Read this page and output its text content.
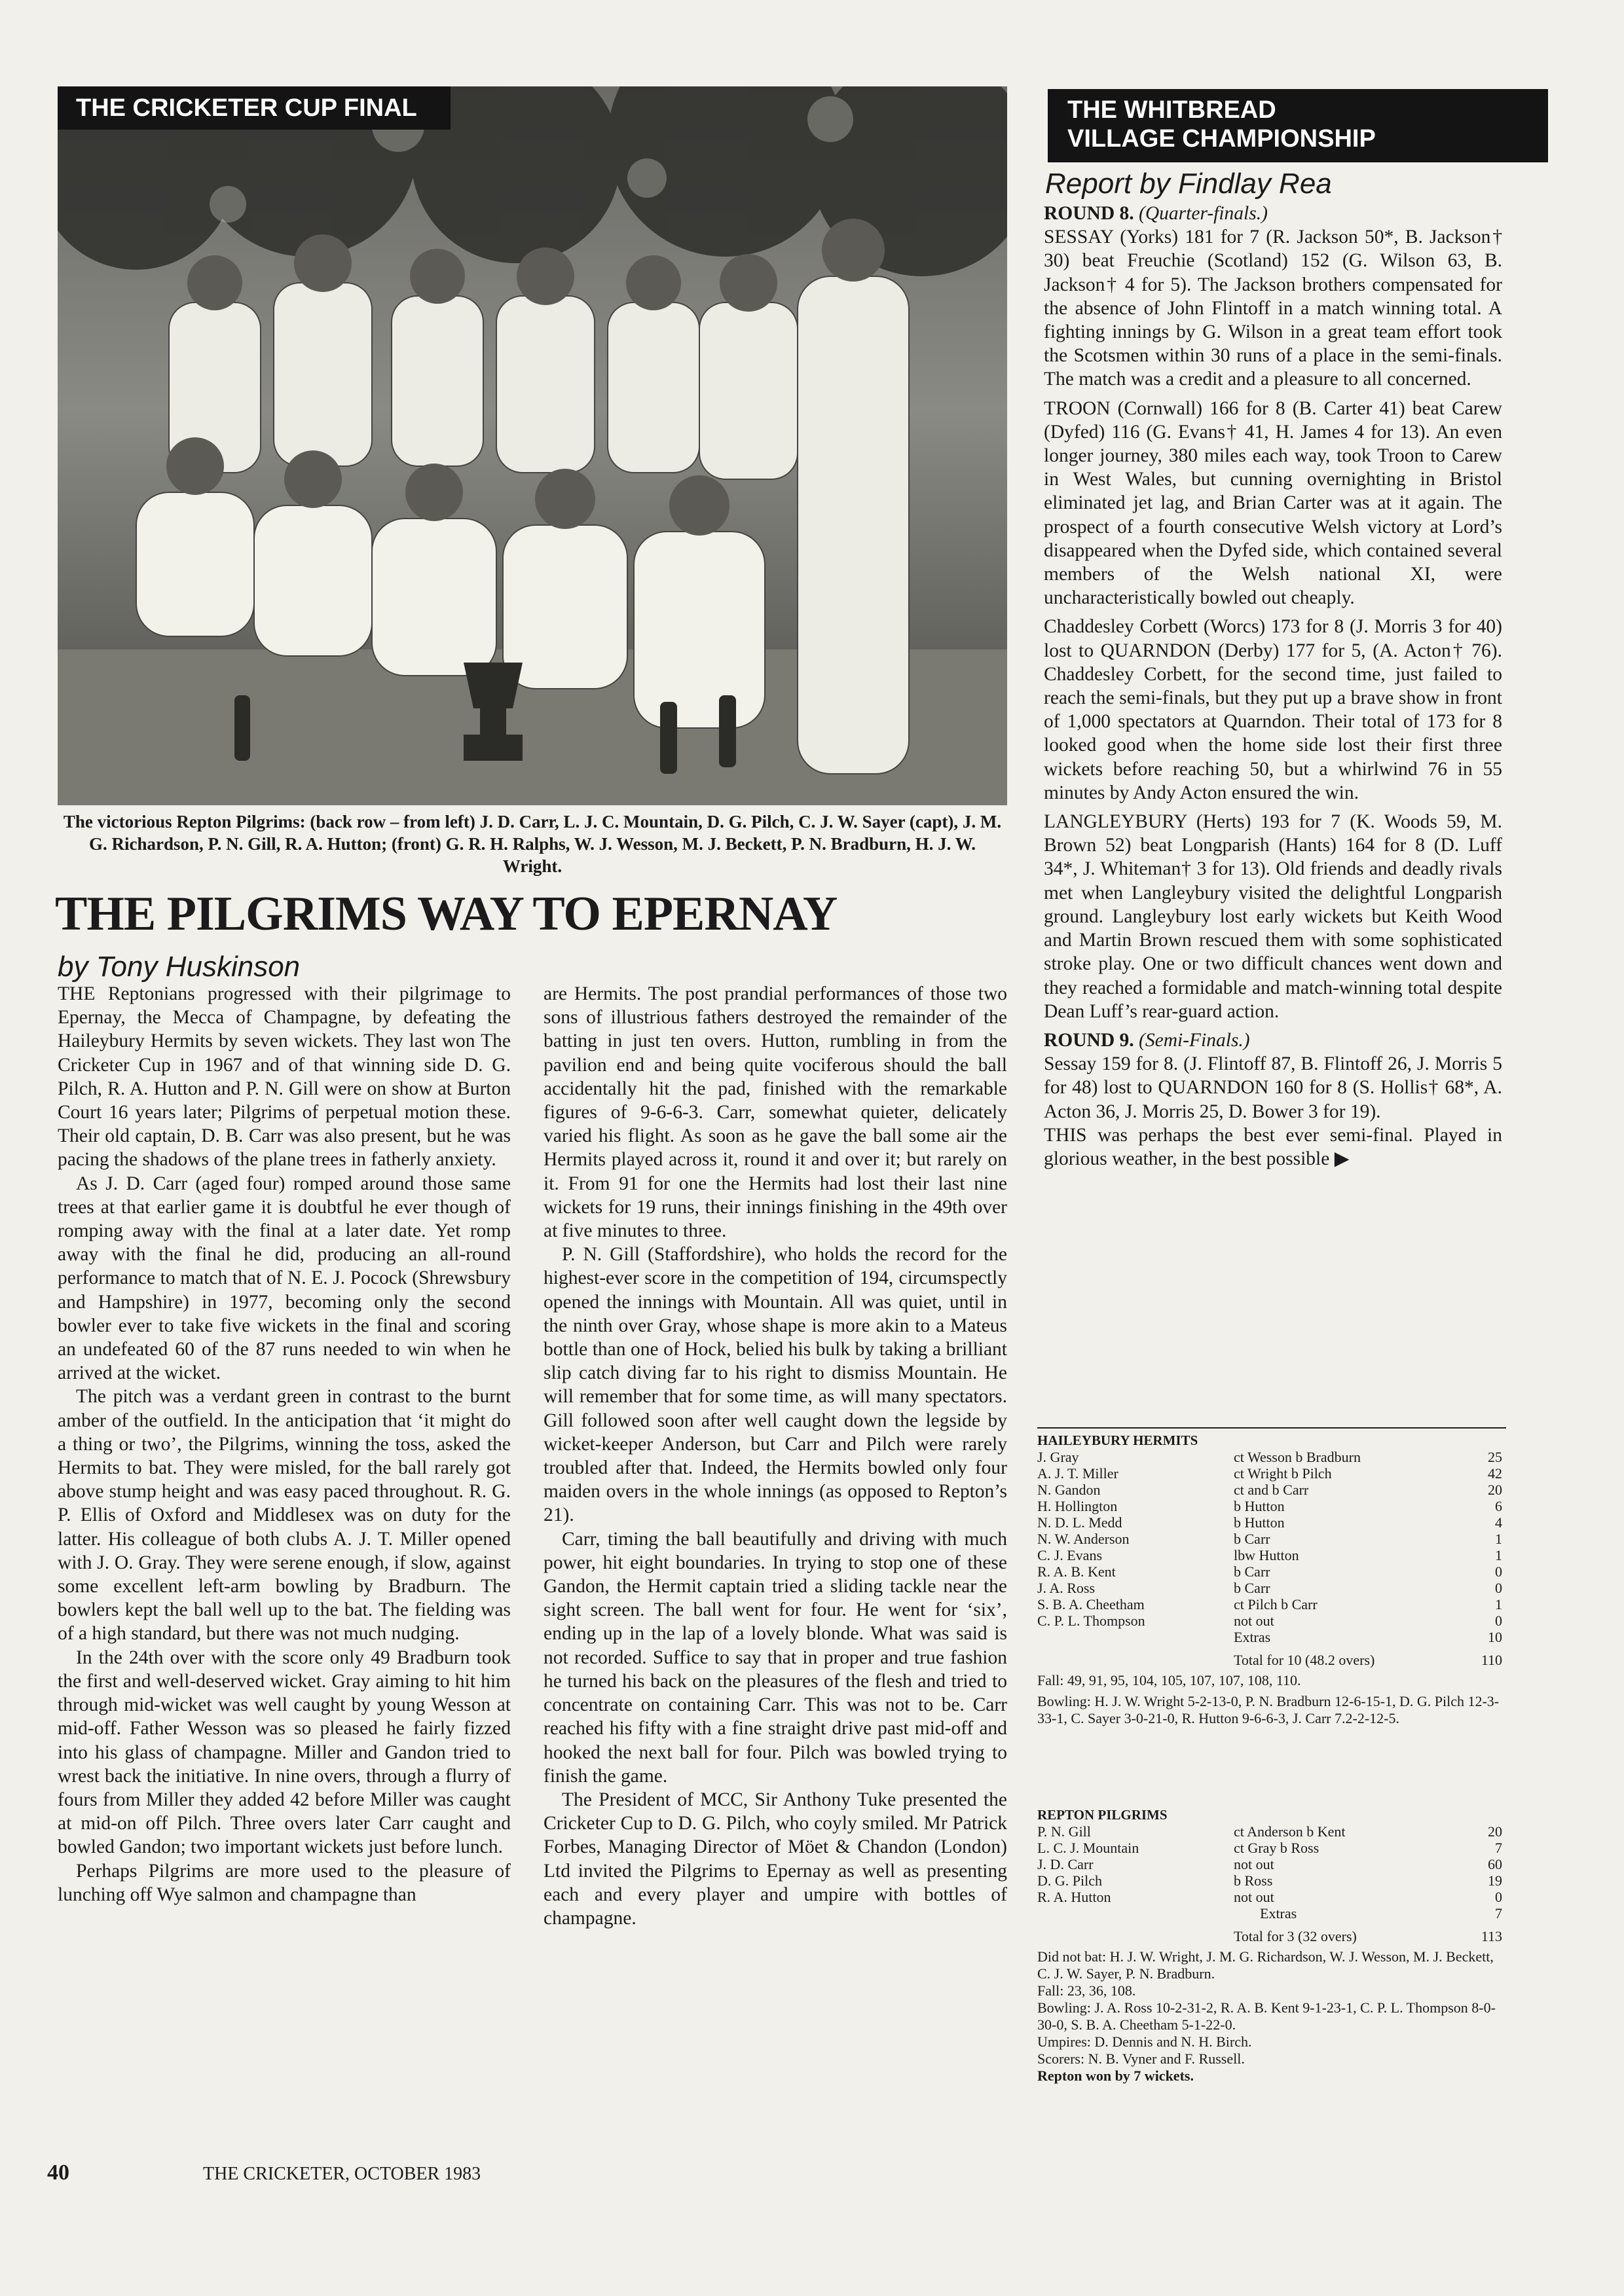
THE CRICKETER CUP FINAL	THE WHITBREAD
VILLAGE CHAMPIONSHIP
The victorious Repton Pilgrims: (back row – from left) J. D. Carr, L. J. C. Mountain, D. G. Pilch, C. J. W. Sayer (capt), J. M. G. Richardson, P. N. Gill, R. A. Hutton; (front) G. R. H. Ralphs, W. J. Wesson, M. J. Beckett, P. N. Bradburn, H. J. W. Wright.
THE PILGRIMS WAY TO EPERNAY
by Tony Huskinson

THE Reptonians progressed with their pilgrimage to Epernay, the Mecca of Champagne, by defeating the Haileybury Hermits by seven wickets. They last won The Cricketer Cup in 1967 and of that winning side D. G. Pilch, R. A. Hutton and P. N. Gill were on show at Burton Court 16 years later; Pilgrims of perpetual motion these. Their old captain, D. B. Carr was also present, but he was pacing the shadows of the plane trees in fatherly anxiety.

As J. D. Carr (aged four) romped around those same trees at that earlier game it is doubtful he ever though of romping away with the final at a later date. Yet romp away with the final he did, producing an all-round performance to match that of N. E. J. Pocock (Shrewsbury and Hampshire) in 1977, becoming only the second bowler ever to take five wickets in the final and scoring an undefeated 60 of the 87 runs needed to win when he arrived at the wicket.

The pitch was a verdant green in contrast to the burnt amber of the outfield. In the anticipation that ‘it might do a thing or two’, the Pilgrims, winning the toss, asked the Hermits to bat. They were misled, for the ball rarely got above stump height and was easy paced throughout. R. G. P. Ellis of Oxford and Middlesex was on duty for the latter. His colleague of both clubs A. J. T. Miller opened with J. O. Gray. They were serene enough, if slow, against some excellent left-arm bowling by Bradburn. The bowlers kept the ball well up to the bat. The fielding was of a high standard, but there was not much nudging.

In the 24th over with the score only 49 Bradburn took the first and well-deserved wicket. Gray aiming to hit him through mid-wicket was well caught by young Wesson at mid-off. Father Wesson was so pleased he fairly fizzed into his glass of champagne. Miller and Gandon tried to wrest back the initiative. In nine overs, through a flurry of fours from Miller they added 42 before Miller was caught at mid-on off Pilch. Three overs later Carr caught and bowled Gandon; two important wickets just before lunch.

Perhaps Pilgrims are more used to the pleasure of lunching off Wye salmon and champagne than

are Hermits. The post prandial performances of those two sons of illustrious fathers destroyed the remainder of the batting in just ten overs. Hutton, rumbling in from the pavilion end and being quite vociferous should the ball accidentally hit the pad, finished with the remarkable figures of 9-6-6-3. Carr, somewhat quieter, delicately varied his flight. As soon as he gave the ball some air the Hermits played across it, round it and over it; but rarely on it. From 91 for one the Hermits had lost their last nine wickets for 19 runs, their innings finishing in the 49th over at five minutes to three.

P. N. Gill (Staffordshire), who holds the record for the highest-ever score in the competition of 194, circumspectly opened the innings with Mountain. All was quiet, until in the ninth over Gray, whose shape is more akin to a Mateus bottle than one of Hock, belied his bulk by taking a brilliant slip catch diving far to his right to dismiss Mountain. He will remember that for some time, as will many spectators. Gill followed soon after well caught down the legside by wicket-keeper Anderson, but Carr and Pilch were rarely troubled after that. Indeed, the Hermits bowled only four maiden overs in the whole innings (as opposed to Repton’s 21).

Carr, timing the ball beautifully and driving with much power, hit eight boundaries. In trying to stop one of these Gandon, the Hermit captain tried a sliding tackle near the sight screen. The ball went for four. He went for ‘six’, ending up in the lap of a lovely blonde. What was said is not recorded. Suffice to say that in proper and true fashion he turned his back on the pleasures of the flesh and tried to concentrate on containing Carr. This was not to be. Carr reached his fifty with a fine straight drive past mid-off and hooked the next ball for four. Pilch was bowled trying to finish the game.

The President of MCC, Sir Anthony Tuke presented the Cricketer Cup to D. G. Pilch, who coyly smiled. Mr Patrick Forbes, Managing Director of Möet & Chandon (London) Ltd invited the Pilgrims to Epernay as well as presenting each and every player and umpire with bottles of champagne.

Report by Findlay Rea

ROUND 8. (Quarter-finals.)

SESSAY (Yorks) 181 for 7 (R. Jackson 50*, B. Jackson† 30) beat Freuchie (Scotland) 152 (G. Wilson 63, B. Jackson† 4 for 5). The Jackson brothers compensated for the absence of John Flintoff in a match winning total. A fighting innings by G. Wilson in a great team effort took the Scotsmen within 30 runs of a place in the semi-finals. The match was a credit and a pleasure to all concerned.

TROON (Cornwall) 166 for 8 (B. Carter 41) beat Carew (Dyfed) 116 (G. Evans† 41, H. James 4 for 13). An even longer journey, 380 miles each way, took Troon to Carew in West Wales, but cunning overnighting in Bristol eliminated jet lag, and Brian Carter was at it again. The prospect of a fourth consecutive Welsh victory at Lord’s disappeared when the Dyfed side, which contained several members of the Welsh national XI, were uncharacteristically bowled out cheaply.

Chaddesley Corbett (Worcs) 173 for 8 (J. Morris 3 for 40) lost to QUARNDON (Derby) 177 for 5, (A. Acton† 76). Chaddesley Corbett, for the second time, just failed to reach the semi-finals, but they put up a brave show in front of 1,000 spectators at Quarndon. Their total of 173 for 8 looked good when the home side lost their first three wickets before reaching 50, but a whirlwind 76 in 55 minutes by Andy Acton ensured the win.

LANGLEYBURY (Herts) 193 for 7 (K. Woods 59, M. Brown 52) beat Longparish (Hants) 164 for 8 (D. Luff 34*, J. Whiteman† 3 for 13). Old friends and deadly rivals met when Langleybury visited the delightful Longparish ground. Langleybury lost early wickets but Keith Wood and Martin Brown rescued them with some sophisticated stroke play. One or two difficult chances went down and they reached a formidable and match-winning total despite Dean Luff’s rear-guard action.

ROUND 9. (Semi-Finals.)

Sessay 159 for 8. (J. Flintoff 87, B. Flintoff 26, J. Morris 5 for 48) lost to QUARNDON 160 for 8 (S. Hollis† 68*, A. Acton 36, J. Morris 25, D. Bower 3 for 19).

THIS was perhaps the best ever semi-final. Played in glorious weather, in the best possible ▶

HAILEYBURY HERMITS
J. Gray	ct Wesson b Bradburn	25
A. J. T. Miller	ct Wright b Pilch	42
N. Gandon	ct and b Carr	20
H. Hollington	b Hutton	6
N. D. L. Medd	b Hutton	4
N. W. Anderson	b Carr	1
C. J. Evans	lbw Hutton	1
R. A. B. Kent	b Carr	0
J. A. Ross	b Carr	0
S. B. A. Cheetham	ct Pilch b Carr	1
C. P. L. Thompson	not out	0
Extras	10
Total for 10 (48.2 overs)	110
Fall: 49, 91, 95, 104, 105, 107, 107, 108, 110.
Bowling: H. J. W. Wright 5-2-13-0, P. N. Bradburn 12-6-15-1, D. G. Pilch 12-3-33-1, C. Sayer 3-0-21-0, R. Hutton 9-6-6-3, J. Carr 7.2-2-12-5.
REPTON PILGRIMS
P. N. Gill	ct Anderson b Kent	20
L. C. J. Mountain	ct Gray b Ross	7
J. D. Carr	not out	60
D. G. Pilch	b Ross	19
R. A. Hutton	not out	0
Extras	7
Total for 3 (32 overs)	113
Did not bat: H. J. W. Wright, J. M. G. Richardson, W. J. Wesson, M. J. Beckett, C. J. W. Sayer, P. N. Bradburn.
Fall: 23, 36, 108.
Bowling: J. A. Ross 10-2-31-2, R. A. B. Kent 9-1-23-1, C. P. L. Thompson 8-0-30-0, S. B. A. Cheetham 5-1-22-0.
Umpires: D. Dennis and N. H. Birch.
Scorers: N. B. Vyner and F. Russell.
Repton won by 7 wickets.
40	THE CRICKETER, OCTOBER 1983
